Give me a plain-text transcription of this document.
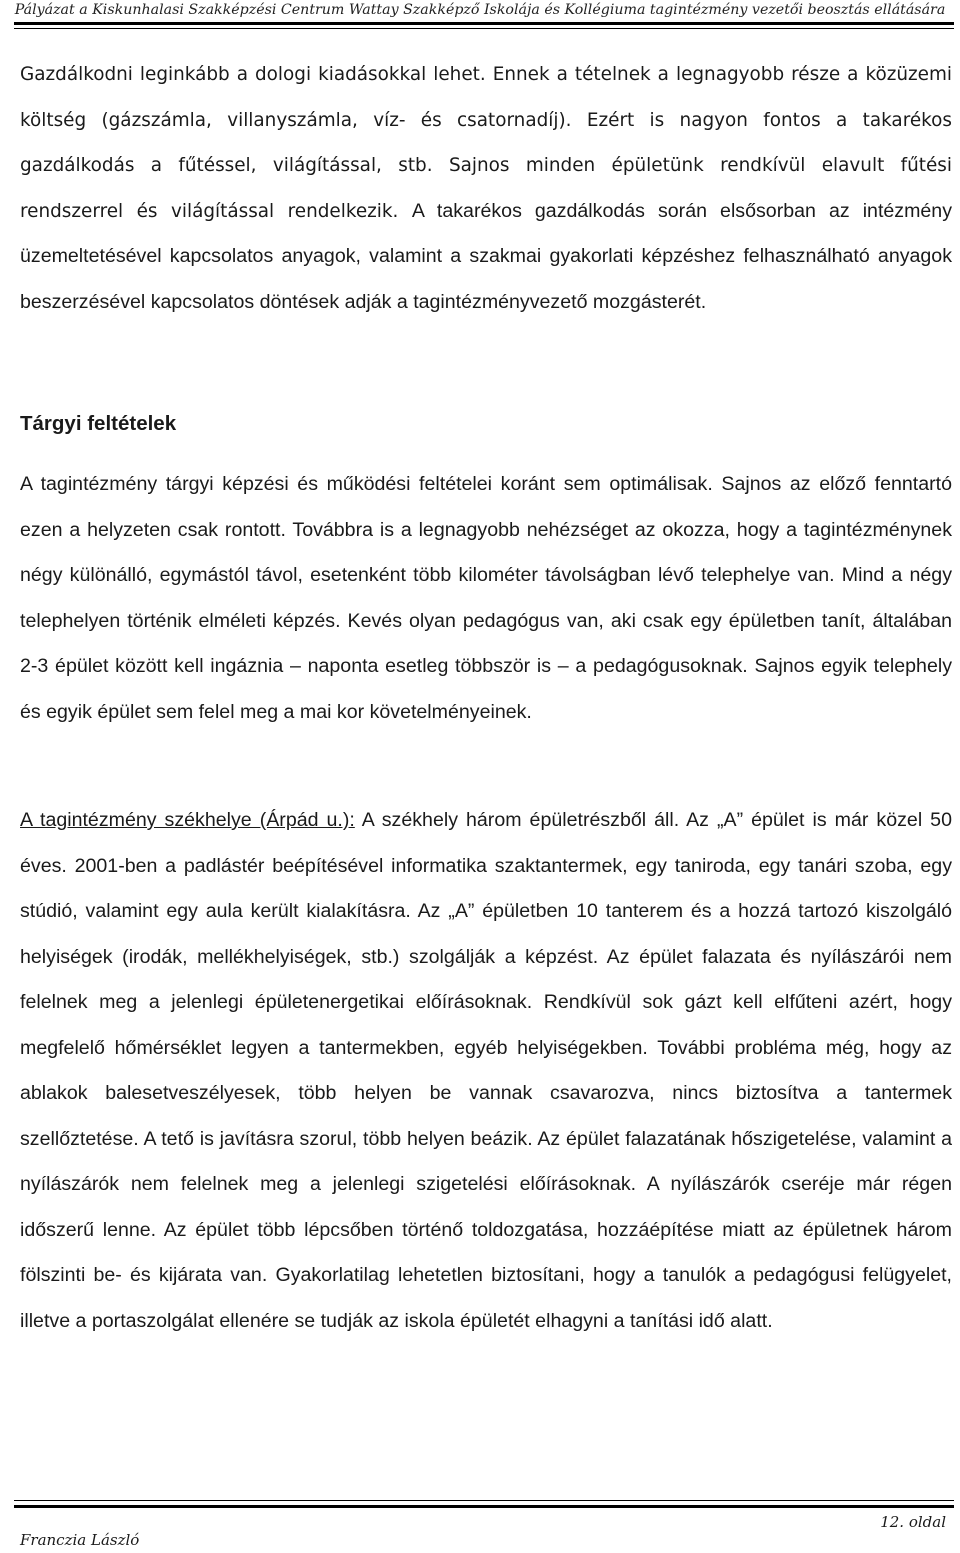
Pályázat a Kiskunhalasi Szakképzési Centrum Wattay Szakképző Iskolája és Kollégiuma tagintézmény vezetői beosztás ellátására

Gazdálkodni leginkább a dologi kiadásokkal lehet. Ennek a tételnek a legnagyobb része a közüzemi költség (gázszámla, villanyszámla, víz- és csatornadíj). Ezért is nagyon fontos a takarékos gazdálkodás a fűtéssel, világítással, stb. Sajnos minden épületünk rendkívül elavult fűtési rendszerrel és világítással rendelkezik. A takarékos gazdálkodás során elsősorban az intézmény üzemeltetésével kapcsolatos anyagok, valamint a szakmai gyakorlati képzéshez felhasználható anyagok beszerzésével kapcsolatos döntések adják a tagintézményvezető mozgásterét.

Tárgyi feltételek

A tagintézmény tárgyi képzési és működési feltételei koránt sem optimálisak. Sajnos az előző fenntartó ezen a helyzeten csak rontott. Továbbra is a legnagyobb nehézséget az okozza, hogy a tagintézménynek négy különálló, egymástól távol, esetenként több kilométer távolságban lévő telephelye van. Mind a négy telephelyen történik elméleti képzés. Kevés olyan pedagógus van, aki csak egy épületben tanít, általában 2-3 épület között kell ingáznia – naponta esetleg többször is – a pedagógusoknak. Sajnos egyik telephely és egyik épület sem felel meg a mai kor követelményeinek.

A tagintézmény székhelye (Árpád u.): A székhely három épületrészből áll. Az „A” épület is már közel 50 éves. 2001-ben a padlástér beépítésével informatika szaktantermek, egy taniroda, egy tanári szoba, egy stúdió, valamint egy aula került kialakításra. Az „A” épületben 10 tanterem és a hozzá tartozó kiszolgáló helyiségek (irodák, mellékhelyiségek, stb.) szolgálják a képzést. Az épület falazata és nyílászárói nem felelnek meg a jelenlegi épületenergetikai előírásoknak. Rendkívül sok gázt kell elfűteni azért, hogy megfelelő hőmérséklet legyen a tantermekben, egyéb helyiségekben. További probléma még, hogy az ablakok balesetveszélyesek, több helyen be vannak csavarozva, nincs biztosítva a tantermek szellőztetése. A tető is javításra szorul, több helyen beázik. Az épület falazatának hőszigetelése, valamint a nyílászárók nem felelnek meg a jelenlegi szigetelési előírásoknak. A nyílászárók cseréje már régen időszerű lenne. Az épület több lépcsőben történő toldozgatása, hozzáépítése miatt az épületnek három fölszinti be- és kijárata van. Gyakorlatilag lehetetlen biztosítani, hogy a tanulók a pedagógusi felügyelet, illetve a portaszolgálat ellenére se tudják az iskola épületét elhagyni a tanítási idő alatt.

12. oldal
Franczia László
